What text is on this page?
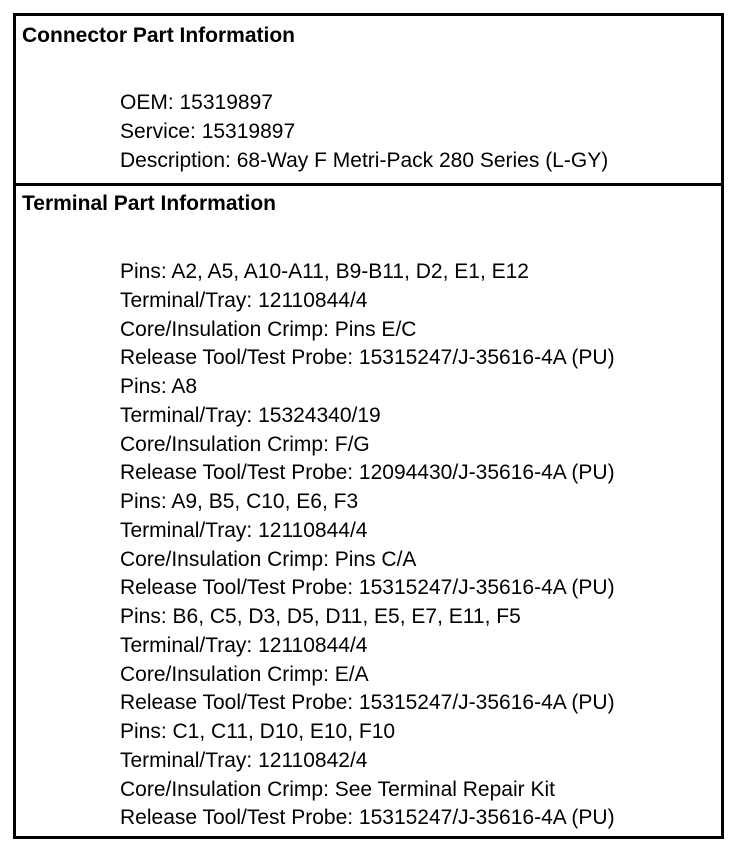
Connector Part Information
OEM: 15319897
Service: 15319897
Description: 68-Way F Metri-Pack 280 Series (L-GY)
Terminal Part Information
Pins: A2, A5, A10-A11, B9-B11, D2, E1, E12
Terminal/Tray: 12110844/4
Core/Insulation Crimp: Pins E/C
Release Tool/Test Probe: 15315247/J-35616-4A (PU)
Pins: A8
Terminal/Tray: 15324340/19
Core/Insulation Crimp: F/G
Release Tool/Test Probe: 12094430/J-35616-4A (PU)
Pins: A9, B5, C10, E6, F3
Terminal/Tray: 12110844/4
Core/Insulation Crimp: Pins C/A
Release Tool/Test Probe: 15315247/J-35616-4A (PU)
Pins: B6, C5, D3, D5, D11, E5, E7, E11, F5
Terminal/Tray: 12110844/4
Core/Insulation Crimp: E/A
Release Tool/Test Probe: 15315247/J-35616-4A (PU)
Pins: C1, C11, D10, E10, F10
Terminal/Tray: 12110842/4
Core/Insulation Crimp: See Terminal Repair Kit
Release Tool/Test Probe: 15315247/J-35616-4A (PU)
